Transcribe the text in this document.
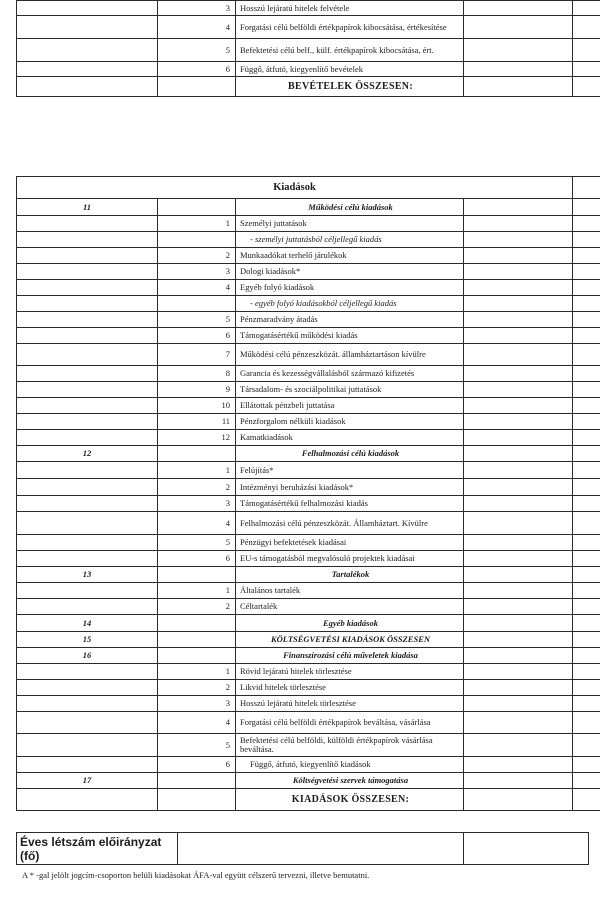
	3	Hosszú lejáratú hitelek felvétele		
	4	Forgatási célú belföldi értékpapírok kibocsátása, értékesítése		
	5	Befektetési célú belf., külf. értékpapírok kibocsátása, ért.		
	6	Függő, átfutó, kiegyenlítő bevételek		
		BEVÉTELEK ÖSSZESEN:		
Kiadások				
11		Működési célú kiadások		
	1	Személyi juttatások		
		- személyi juttatásból céljellegű kiadás		
	2	Munkaadókat terhelő járulékok		
	3	Dologi kiadások*		
	4	Egyéb folyó kiadások		
		- egyéb folyó kiadásokból céljellegű kiadás		
	5	Pénzmaradvány átadás		
	6	Támogatásértékű működési kiadás		
	7	Működési célú pénzeszközát. államháztartáson kívülre		
	8	Garancia és kezességvállalásból származó kifizetés		
	9	Társadalom- és szociálpolitikai juttatások		
	10	Ellátottak pénzbeli juttatása		
	11	Pénzforgalom nélküli kiadások		
	12	Kamatkiadások		
12		Felhalmozási célú kiadások		
	1	Felújítás*		
	2	Intézményi beruházási kiadások*		
	3	Támogatásértékű felhalmozási kiadás		
	4	Felhalmozási célú pénzeszközát. Államháztart. Kívülre		
	5	Pénzügyi befektetések kiadásai		
	6	EU-s támogatásból megvalósuló projektek kiadásai		
13		Tartalékok		
	1	Általános tartalék		
	2	Céltartalék		
14		Egyéb kiadások		
15		KÖLTSÉGVETÉSI KIADÁSOK ÖSSZESEN		
16		Finanszírozási célú műveletek kiadása		
	1	Rövid lejáratú hitelek törlesztése		
	2	Likvid hitelek törlesztése		
	3	Hosszú lejáratú hitelek törlesztése		
	4	Forgatási célú belföldi értékpapírok beváltása, vásárlása		
	5	Befektetési célú belföldi, külföldi értékpapírok vásárlása beváltása.		
	6	Függő, átfutó, kiegyenlítő kiadások		
17		Költségvetési szervek támogatása		
		KIADÁSOK ÖSSZESEN:		
Éves létszám előirányzat (fő)		
A * -gal jelölt jogcím-csoporton belüli kiadásokat ÁFA-val együtt célszerű tervezni, illetve bemutatni.
